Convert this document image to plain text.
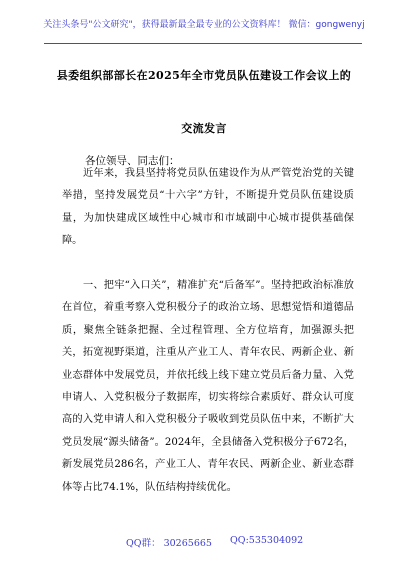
关注头条号"公文研究"，获得最新最全最专业的公文资料库！ 微信：gongwenyj
县委组织部部长在2025年全市党员队伍建设工作会议上的
交流发言
各位领导、同志们：

近年来，我县坚持将党员队伍建设作为从严管党治党的关键举措，坚持发展党员“十六字”方针，不断提升党员队伍建设质量，为加快建成区域性中心城市和市域副中心城市提供基础保障。

一、把牢“入口关”，精准扩充“后备军”。坚持把政治标准放在首位，着重考察入党积极分子的政治立场、思想觉悟和道德品质，聚焦全链条把握、全过程管理、全方位培育，加强源头把关，拓宽视野渠道，注重从产业工人、青年农民、两新企业、新业态群体中发展党员，并依托线上线下建立党员后备力量、入党申请人、入党积极分子数据库，切实将综合素质好、群众认可度高的入党申请人和入党积极分子吸收到党员队伍中来，不断扩大党员发展“源头储备”。2024年，全县储备入党积极分子672名，新发展党员286名，产业工人、青年农民、两新企业、新业态群体等占比74.1%，队伍结构持续优化。

QQ群： 30265665 QQ:535304092
